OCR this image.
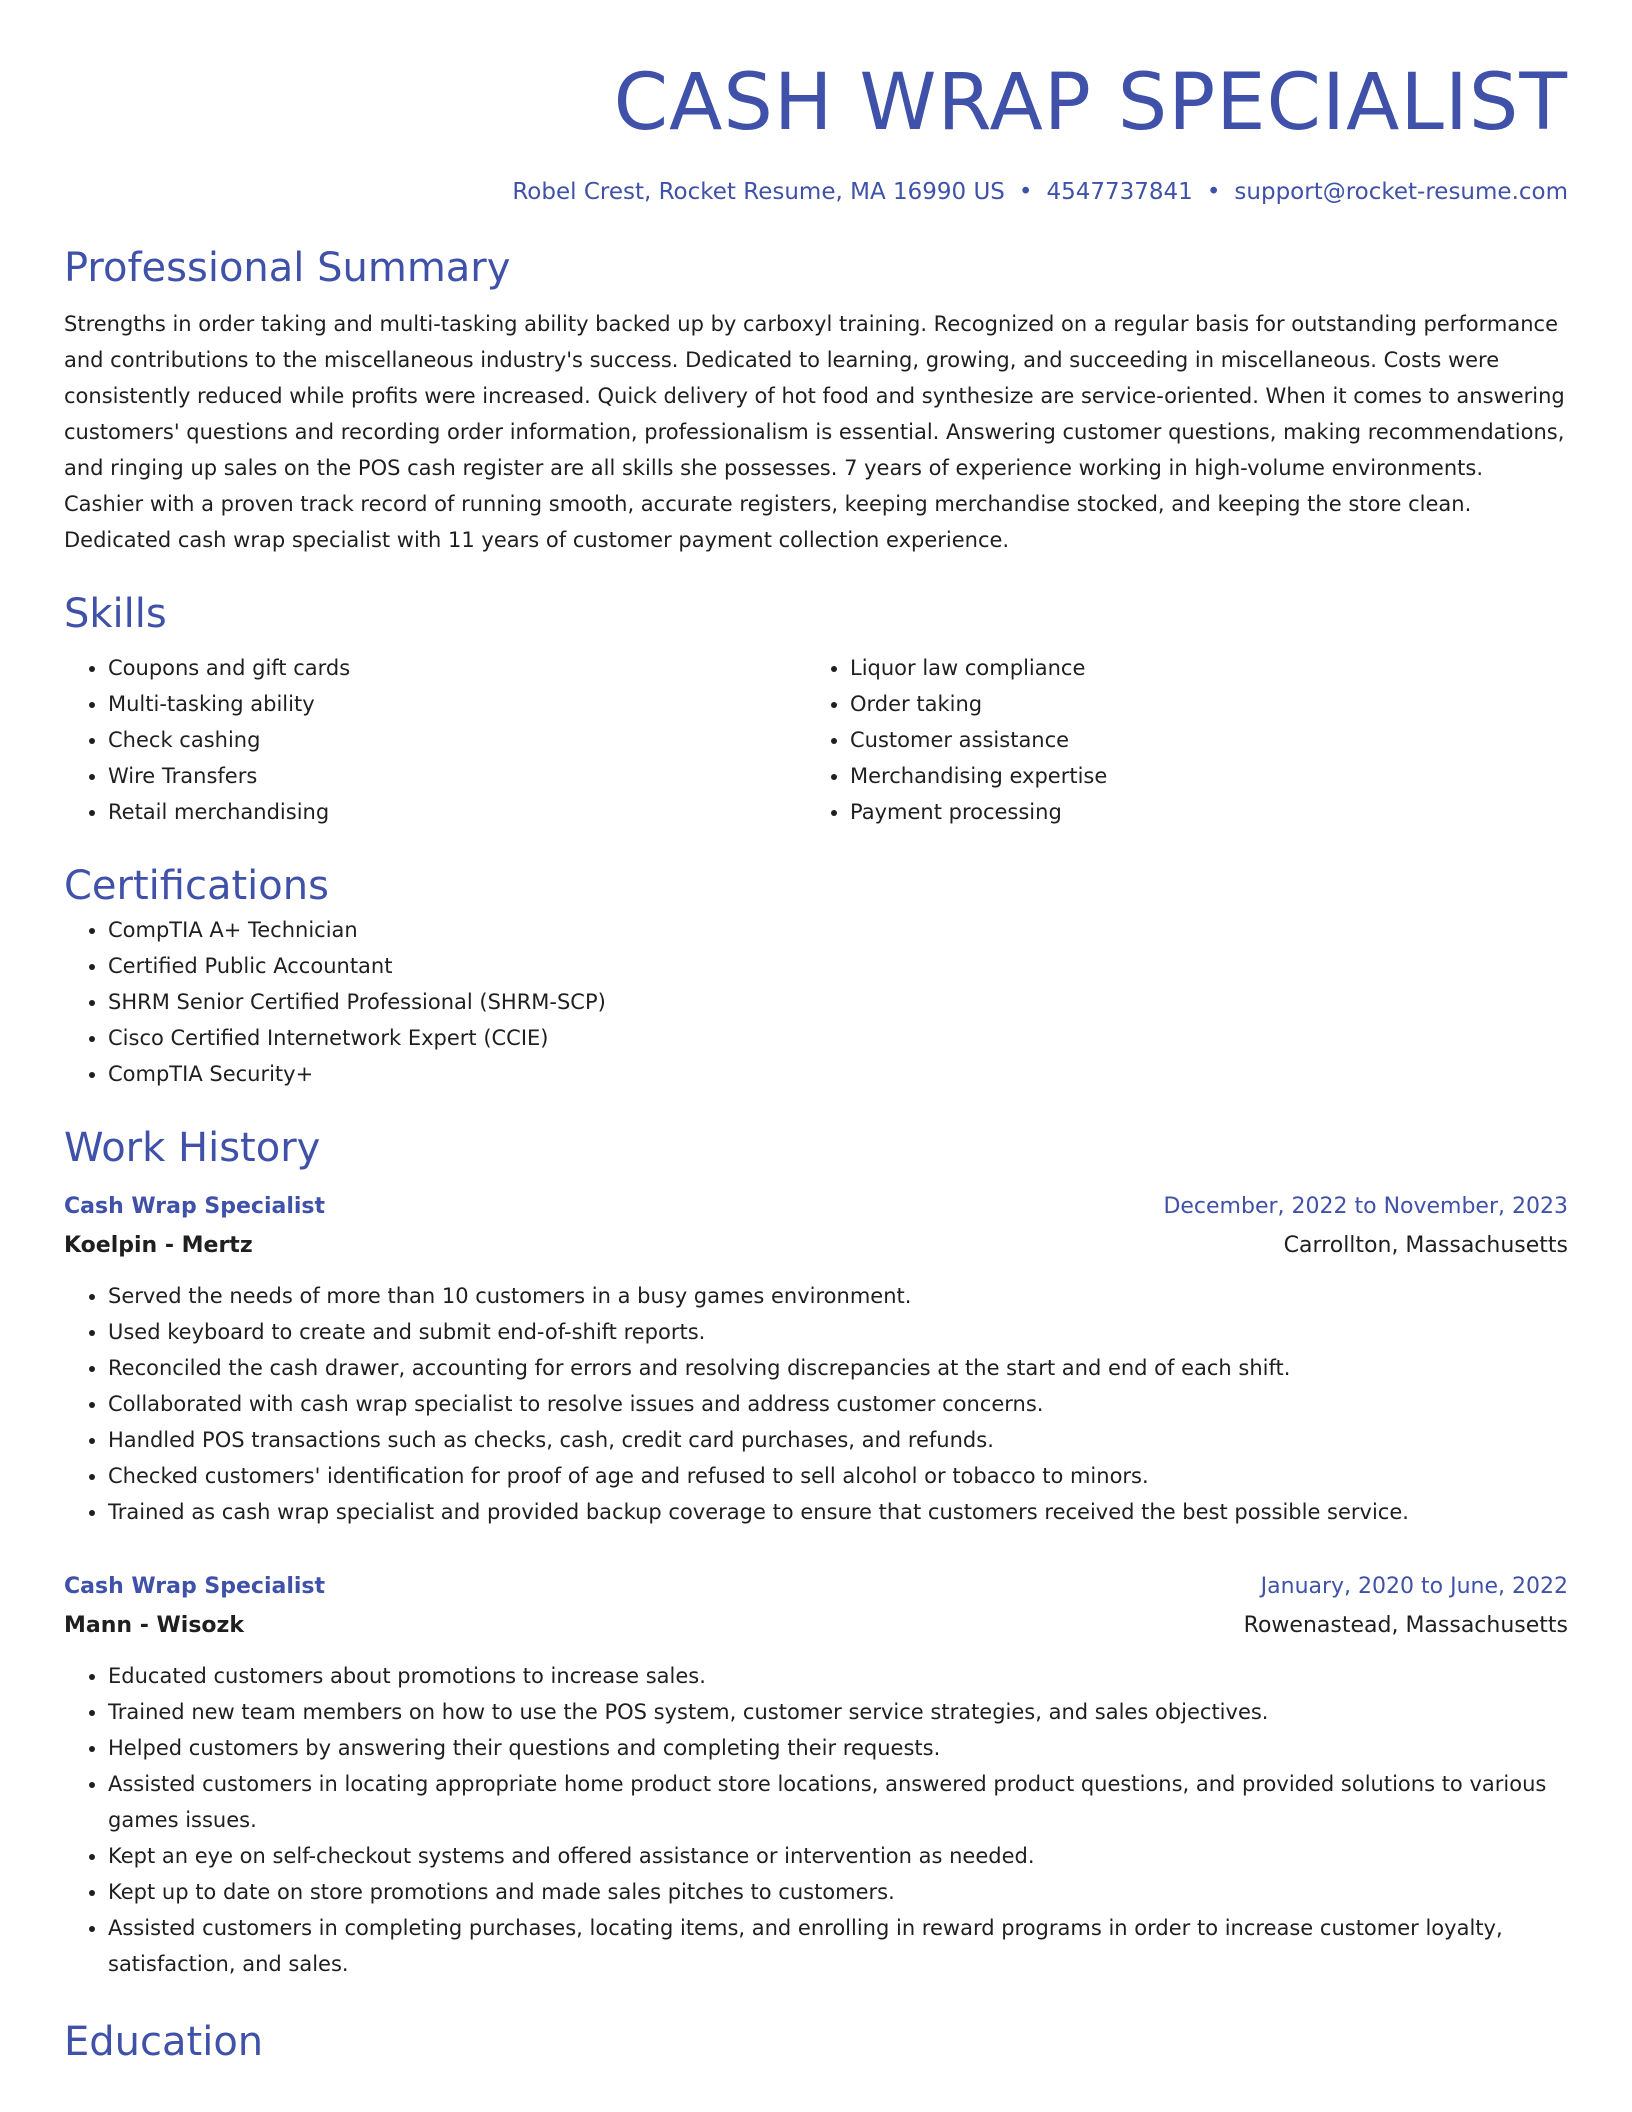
CASH WRAP SPECIALIST
Robel Crest, Rocket Resume, MA 16990 US • 4547737841 • support@rocket-resume.com
Professional Summary
Strengths in order taking and multi-tasking ability backed up by carboxyl training. Recognized on a regular basis for outstanding performance and contributions to the miscellaneous industry's success. Dedicated to learning, growing, and succeeding in miscellaneous. Costs were consistently reduced while profits were increased. Quick delivery of hot food and synthesize are service-oriented. When it comes to answering customers' questions and recording order information, professionalism is essential. Answering customer questions, making recommendations, and ringing up sales on the POS cash register are all skills she possesses. 7 years of experience working in high-volume environments. Cashier with a proven track record of running smooth, accurate registers, keeping merchandise stocked, and keeping the store clean. Dedicated cash wrap specialist with 11 years of customer payment collection experience.
Skills
• Coupons and gift cards
• Multi-tasking ability
• Check cashing
• Wire Transfers
• Retail merchandising
• Liquor law compliance
• Order taking
• Customer assistance
• Merchandising expertise
• Payment processing
Certifications
• CompTIA A+ Technician
• Certified Public Accountant
• SHRM Senior Certified Professional (SHRM-SCP)
• Cisco Certified Internetwork Expert (CCIE)
• CompTIA Security+
Work History
Cash Wrap Specialist	December, 2022 to November, 2023
Koelpin - Mertz	Carrollton, Massachusetts
• Served the needs of more than 10 customers in a busy games environment.
• Used keyboard to create and submit end-of-shift reports.
• Reconciled the cash drawer, accounting for errors and resolving discrepancies at the start and end of each shift.
• Collaborated with cash wrap specialist to resolve issues and address customer concerns.
• Handled POS transactions such as checks, cash, credit card purchases, and refunds.
• Checked customers' identification for proof of age and refused to sell alcohol or tobacco to minors.
• Trained as cash wrap specialist and provided backup coverage to ensure that customers received the best possible service.
Cash Wrap Specialist	January, 2020 to June, 2022
Mann - Wisozk	Rowenastead, Massachusetts
• Educated customers about promotions to increase sales.
• Trained new team members on how to use the POS system, customer service strategies, and sales objectives.
• Helped customers by answering their questions and completing their requests.
• Assisted customers in locating appropriate home product store locations, answered product questions, and provided solutions to various games issues.
• Kept an eye on self-checkout systems and offered assistance or intervention as needed.
• Kept up to date on store promotions and made sales pitches to customers.
• Assisted customers in completing purchases, locating items, and enrolling in reward programs in order to increase customer loyalty, satisfaction, and sales.
Education
